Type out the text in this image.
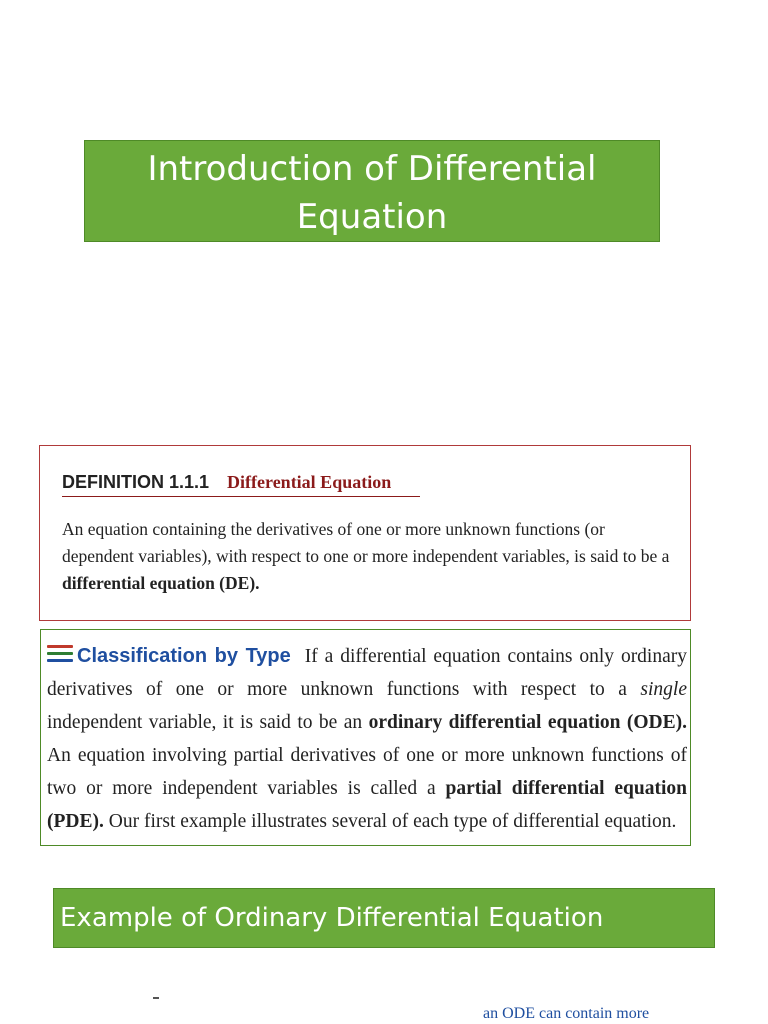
Introduction of Differential
Equation
DEFINITION 1.1.1 Differential Equation
An equation containing the derivatives of one or more unknown functions (or dependent variables), with respect to one or more independent variables, is said to be a differential equation (DE).
Classification by Type If a differential equation contains only ordinary derivatives of one or more unknown functions with respect to a single independent variable, it is said to be an ordinary differential equation (ODE). An equation involving partial derivatives of one or more unknown functions of two or more independent variables is called a partial differential equation (PDE). Our first example illustrates several of each type of differential equation.
Example of Ordinary Differential Equation
an ODE can contain more
